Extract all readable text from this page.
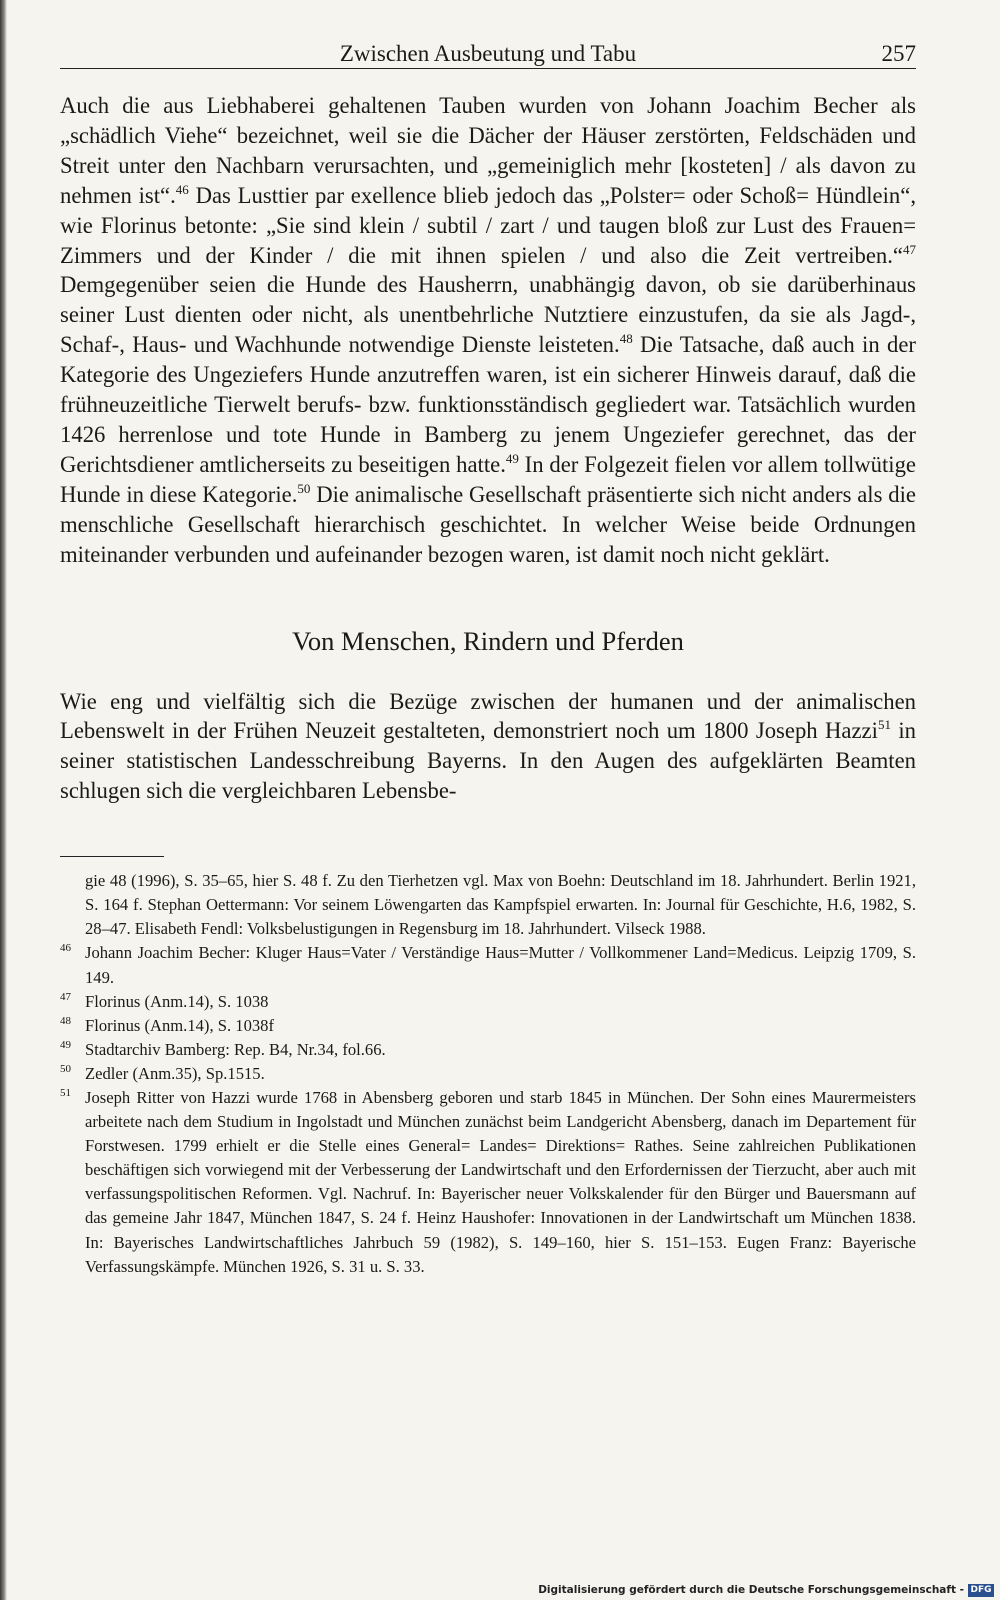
Zwischen Ausbeutung und Tabu	257

Auch die aus Liebhaberei gehaltenen Tauben wurden von Johann Joachim Becher als „schädlich Viehe“ bezeichnet, weil sie die Dächer der Häuser zerstörten, Feldschäden und Streit unter den Nachbarn verursachten, und „gemeiniglich mehr [kosteten] / als davon zu nehmen ist“.$^{46}$ Das Lusttier par exellence blieb jedoch das „Polster= oder Schoß= Hündlein“, wie Florinus betonte: „Sie sind klein / subtil / zart / und taugen bloß zur Lust des Frauen= Zimmers und der Kinder / die mit ihnen spielen / und also die Zeit vertreiben.“$^{47}$ Demgegenüber seien die Hunde des Hausherrn, unabhängig davon, ob sie darüberhinaus seiner Lust dienten oder nicht, als unentbehrliche Nutztiere einzustufen, da sie als Jagd-, Schaf-, Haus- und Wachhunde notwendige Dienste leisteten.$^{48}$ Die Tatsache, daß auch in der Kategorie des Ungeziefers Hunde anzutreffen waren, ist ein sicherer Hinweis darauf, daß die frühneuzeitliche Tierwelt berufs- bzw. funktionsständisch gegliedert war. Tatsächlich wurden 1426 herrenlose und tote Hunde in Bamberg zu jenem Ungeziefer gerechnet, das der Gerichtsdiener amtlicherseits zu beseitigen hatte.$^{49}$ In der Folgezeit fielen vor allem tollwütige Hunde in diese Kategorie.$^{50}$ Die animalische Gesellschaft präsentierte sich nicht anders als die menschliche Gesellschaft hierarchisch geschichtet. In welcher Weise beide Ordnungen miteinander verbunden und aufeinander bezogen waren, ist damit noch nicht geklärt.

Von Menschen, Rindern und Pferden

Wie eng und vielfältig sich die Bezüge zwischen der humanen und der animalischen Lebenswelt in der Frühen Neuzeit gestalteten, demonstriert noch um 1800 Joseph Hazzi$^{51}$ in seiner statistischen Landesschreibung Bayerns. In den Augen des aufgeklärten Beamten schlugen sich die vergleichbaren Lebensbe-

gie 48 (1996), S. 35–65, hier S. 48 f. Zu den Tierhetzen vgl. Max von Boehn: Deutschland im 18. Jahrhundert. Berlin 1921, S. 164 f. Stephan Oettermann: Vor seinem Löwengarten das Kampfspiel erwarten. In: Journal für Geschichte, H.6, 1982, S. 28–47. Elisabeth Fendl: Volksbelustigungen in Regensburg im 18. Jahrhundert. Vilseck 1988.

46 Johann Joachim Becher: Kluger Haus=Vater / Verständige Haus=Mutter / Vollkommener Land=Medicus. Leipzig 1709, S. 149.

47 Florinus (Anm.14), S. 1038

48 Florinus (Anm.14), S. 1038f

49 Stadtarchiv Bamberg: Rep. B4, Nr.34, fol.66.

50 Zedler (Anm.35), Sp.1515.

51 Joseph Ritter von Hazzi wurde 1768 in Abensberg geboren und starb 1845 in München. Der Sohn eines Maurermeisters arbeitete nach dem Studium in Ingolstadt und München zunächst beim Landgericht Abensberg, danach im Departement für Forstwesen. 1799 erhielt er die Stelle eines General= Landes= Direktions= Rathes. Seine zahlreichen Publikationen beschäftigen sich vorwiegend mit der Verbesserung der Landwirtschaft und den Erfordernissen der Tierzucht, aber auch mit verfassungspolitischen Reformen. Vgl. Nachruf. In: Bayerischer neuer Volkskalender für den Bürger und Bauersmann auf das gemeine Jahr 1847, München 1847, S. 24 f. Heinz Haushofer: Innovationen in der Landwirtschaft um München 1838. In: Bayerisches Landwirtschaftliches Jahrbuch 59 (1982), S. 149–160, hier S. 151–153. Eugen Franz: Bayerische Verfassungskämpfe. München 1926, S. 31 u. S. 33.

Digitalisierung gefördert durch die Deutsche Forschungsgemeinschaft - DFG
